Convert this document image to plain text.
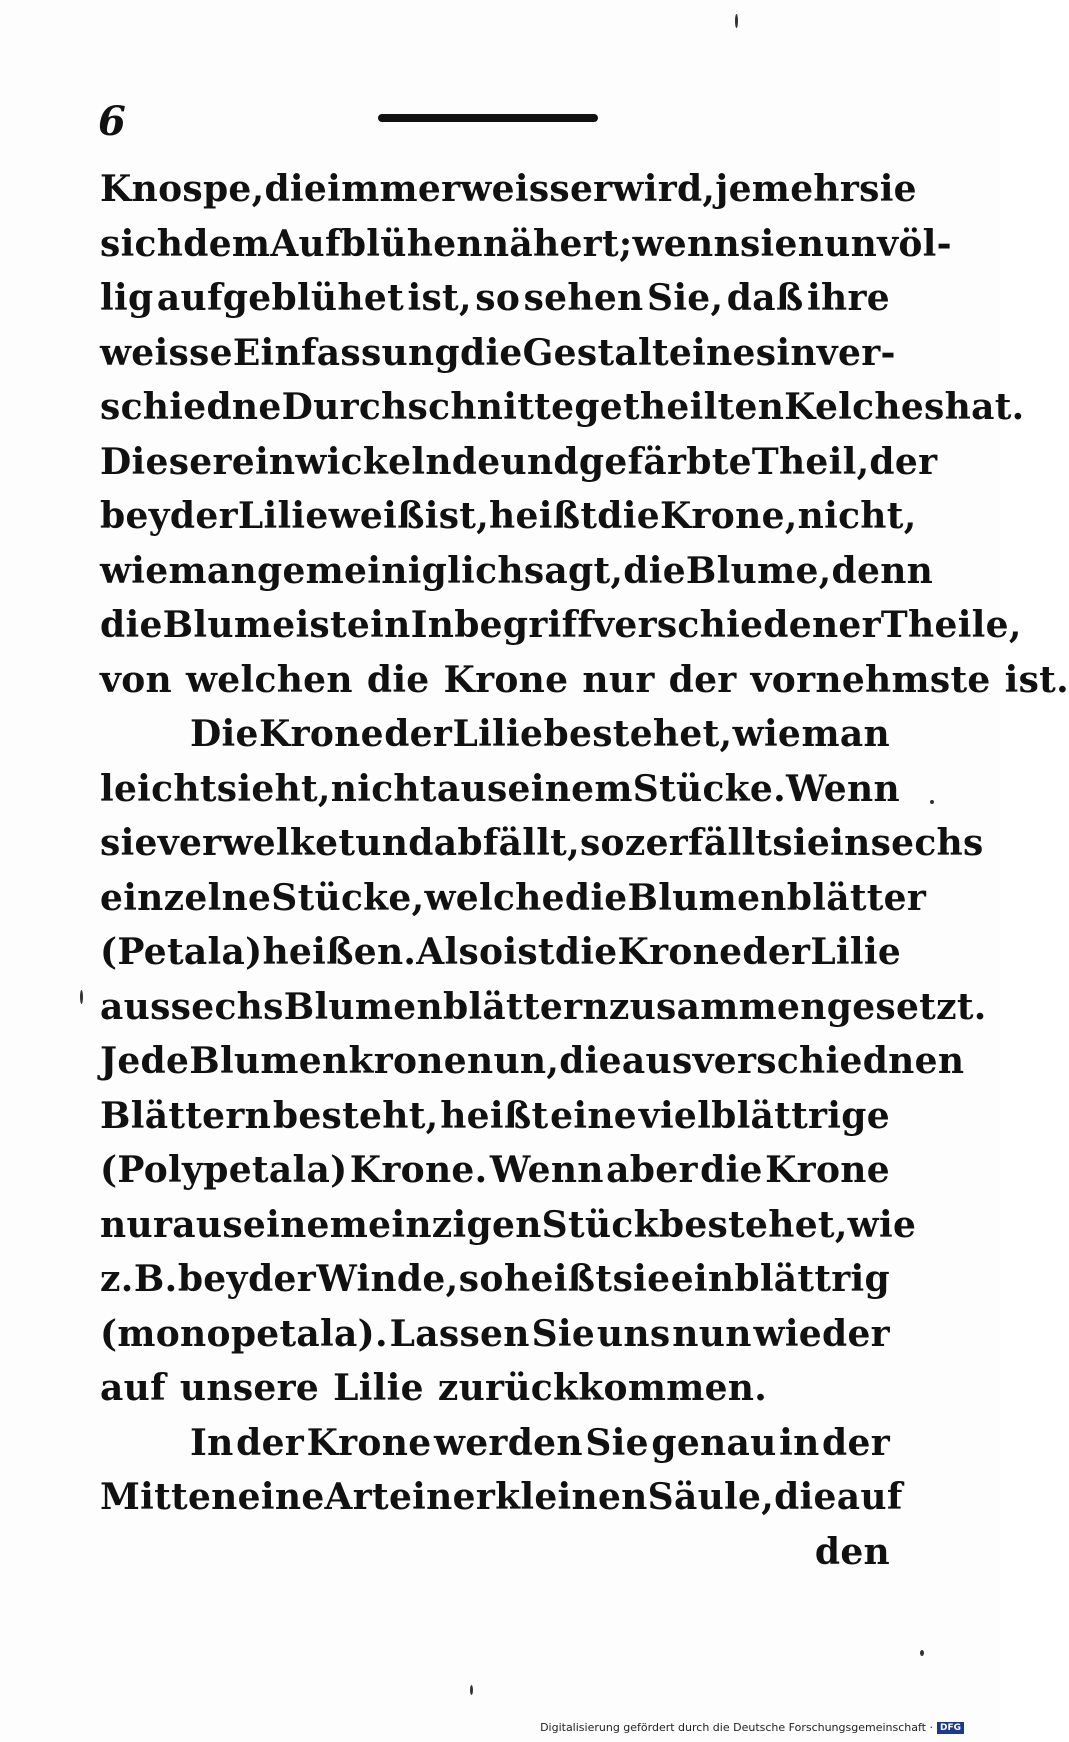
6
Knospe, die immer weisser wird, je mehr sie
sich dem Aufblühen nähert; wenn sie nun völ-
lig aufgeblühet ist, so sehen Sie, daß ihre
weisse Einfassung die Gestalt eines in ver-
schiedne Durchschnitte getheilten Kelches hat.
Dieser einwickelnde und gefärbte Theil, der
bey der Lilie weiß ist, heißt die Krone, nicht,
wie man gemeiniglich sagt, die Blume, denn
die Blume ist ein Inbegriff verschiedener Theile,
von welchen die Krone nur der vornehmste ist.
Die Krone der Lilie bestehet, wie man
leicht sieht, nicht aus einem Stücke. Wenn
sie verwelket und abfällt, so zerfällt sie in sechs
einzelne Stücke, welche die Blumenblätter
(Petala) heißen. Also ist die Krone der Lilie
aus sechs Blumenblättern zusammengesetzt.
Jede Blumenkrone nun, die aus verschiednen
Blättern besteht, heißt eine vielblättrige
(Polypetala) Krone. Wenn aber die Krone
nur aus einem einzigen Stück bestehet, wie
z. B. bey der Winde, so heißt sie einblättrig
(monopetala). Lassen Sie uns nun wieder
auf unsere Lilie zurückkommen.
In der Krone werden Sie genau in der
Mitten eine Art einer kleinen Säule, die auf
den
Digitalisierung gefördert durch die Deutsche Forschungsgemeinschaft · DFG
